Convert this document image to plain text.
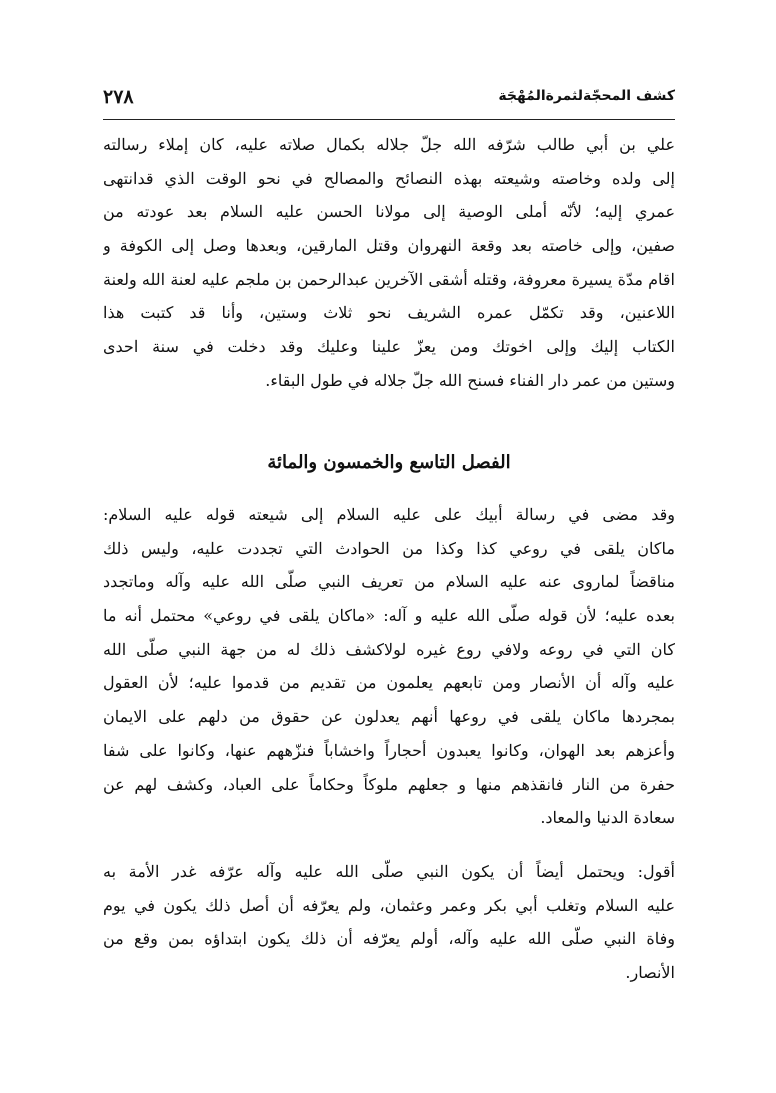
٢٧٨	كشف المحجّةلثمرةالمُهْجَة
علي بن أبي طالب شرّفه الله جلّ جلاله بكمال صلاته عليه، كان إملاء رسالته
إلى ولده وخاصته وشيعته بهذه النصائح والمصالح في نحو الوقت الذي قدانتهى
عمري إليه؛ لأنّه أملى الوصية إلى مولانا الحسن عليه السلام بعد عودته من
صفين، وإلى خاصته بعد وقعة النهروان وقتل المارقين، وبعدها وصل إلى الكوفة و
اقام مدّة يسيرة معروفة، وقتله أشقى الآخرين عبدالرحمن بن ملجم عليه لعنة الله ولعنة
اللاعنين، وقد تكمّل عمره الشريف نحو ثلاث وستين، وأنا قد كتبت هذا
الكتاب إليك وإلى اخوتك ومن يعزّ علينا وعليك وقد دخلت في سنة احدى
وستين من عمر دار الفناء فسنح الله جلّ جلاله في طول البقاء.
الفصل التاسع والخمسون والمائة
وقد مضى في رسالة أبيك على عليه السلام إلى شيعته قوله عليه السلام:
ماكان يلقى في روعي كذا وكذا من الحوادث التي تجددت عليه، وليس ذلك
مناقضاً لماروى عنه عليه السلام من تعريف النبي صلّى الله عليه وآله وماتجدد
بعده عليه؛ لأن قوله صلّى الله عليه و آله: «ماكان يلقى في روعي» محتمل أنه ما
كان التي في روعه ولافي روع غيره لولاكشف ذلك له من جهة النبي صلّى الله
عليه وآله أن الأنصار ومن تابعهم يعلمون من تقديم من قدموا عليه؛ لأن العقول
بمجردها ماكان يلقى في روعها أنهم يعدلون عن حقوق من دلهم على الايمان
وأعزهم بعد الهوان، وكانوا يعبدون أحجاراً واخشاباً فنزّههم عنها، وكانوا على شفا
حفرة من النار فانقذهم منها و جعلهم ملوكاً وحكاماً على العباد، وكشف لهم عن
سعادة الدنيا والمعاد.
أقول: ويحتمل أيضاً أن يكون النبي صلّى الله عليه وآله عرّفه غدر الأمة به
عليه السلام وتغلب أبي بكر وعمر وعثمان، ولم يعرّفه أن أصل ذلك يكون في يوم
وفاة النبي صلّى الله عليه وآله، أولم يعرّفه أن ذلك يكون ابتداؤه بمن وقع من
الأنصار.
